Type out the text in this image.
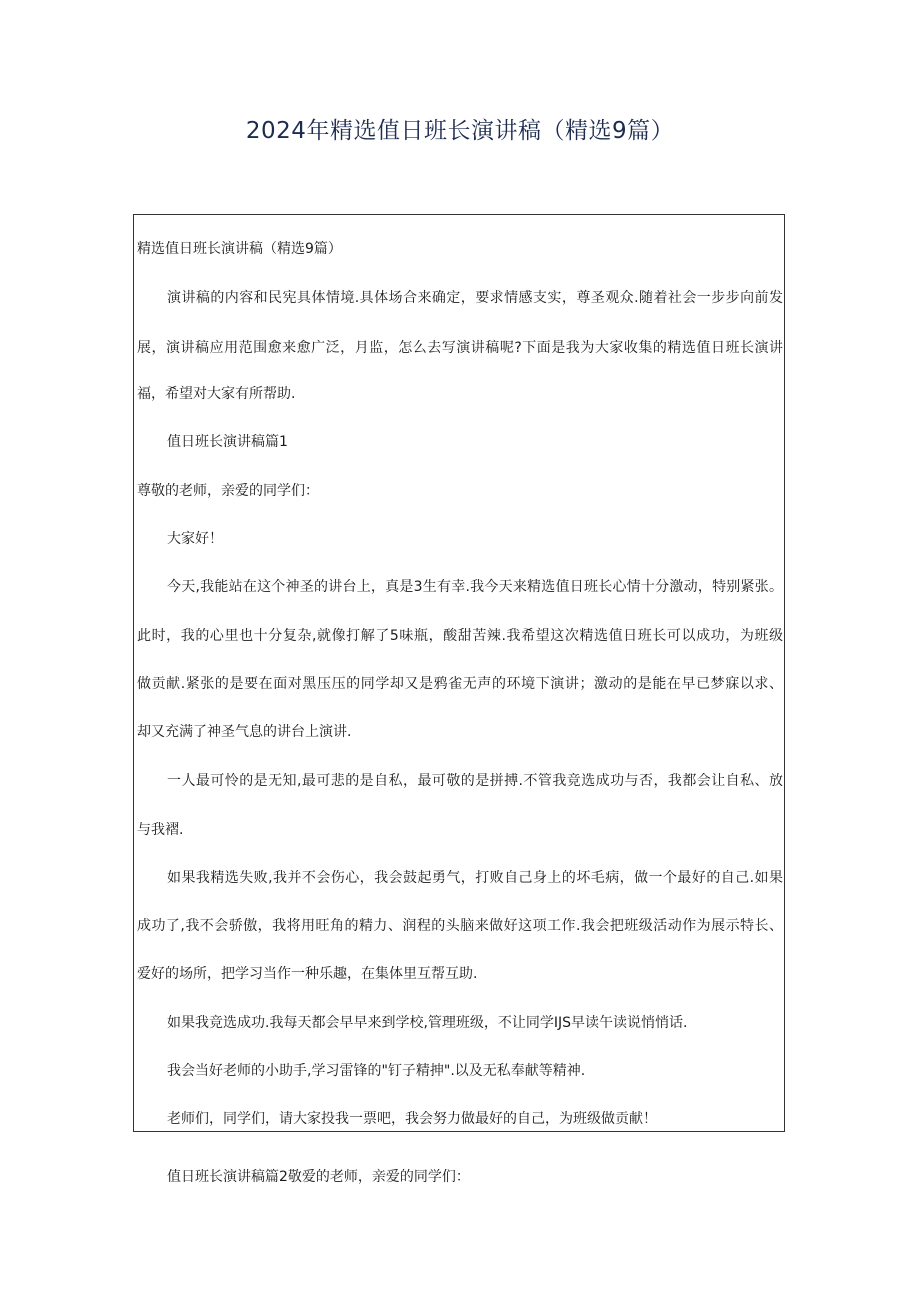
2024年精选值日班长演讲稿（精选9篇）
精选值日班长演讲稿（精选9篇）
演讲稿的内容和民宪具体情境.具体场合来确定，要求情感支实，尊圣观众.随着社会一步步向前发
展，演讲稿应用范围愈来愈广泛，月监，怎么去写演讲稿呢?下面是我为大家收集的精选值日班长演讲
福，希望对大家有所帮助.
值日班长演讲稿篇1
尊敬的老师，亲爱的同学们：
大家好！
今天,我能站在这个神圣的讲台上，真是3生有幸.我今天来精选值日班长心情十分激动，特别紧张。
此时，我的心里也十分复杂,就像打解了5味瓶，酸甜苦辣.我希望这次精选值日班长可以成功，为班级
做贡献.紧张的是要在面对黑压压的同学却又是鸦雀无声的环境下演讲；激动的是能在早已梦寐以求、
却又充满了神圣气息的讲台上演讲.
一人最可怜的是无知,最可悲的是自私，最可敬的是拼搏.不管我竞选成功与否，我都会让自私、放
与我褶.
如果我精选失败,我并不会伤心，我会鼓起勇气，打败自己身上的坏毛病，做一个最好的自己.如果
成功了,我不会骄傲，我将用旺角的精力、润程的头脑来做好这项工作.我会把班级活动作为展示特长、
爱好的场所，把学习当作一种乐趣，在集体里互帮互助.
如果我竞选成功.我每天都会早早来到学校,管理班级，不让同学IJS早读午读说悄悄话.
我会当好老师的小助手,学习雷锋的"钉子精抻".以及无私奉献等精神.
老师们，同学们，请大家投我一票吧，我会努力做最好的自己，为班级做贡献！
值日班长演讲稿篇2敬爱的老师，亲爱的同学们：
